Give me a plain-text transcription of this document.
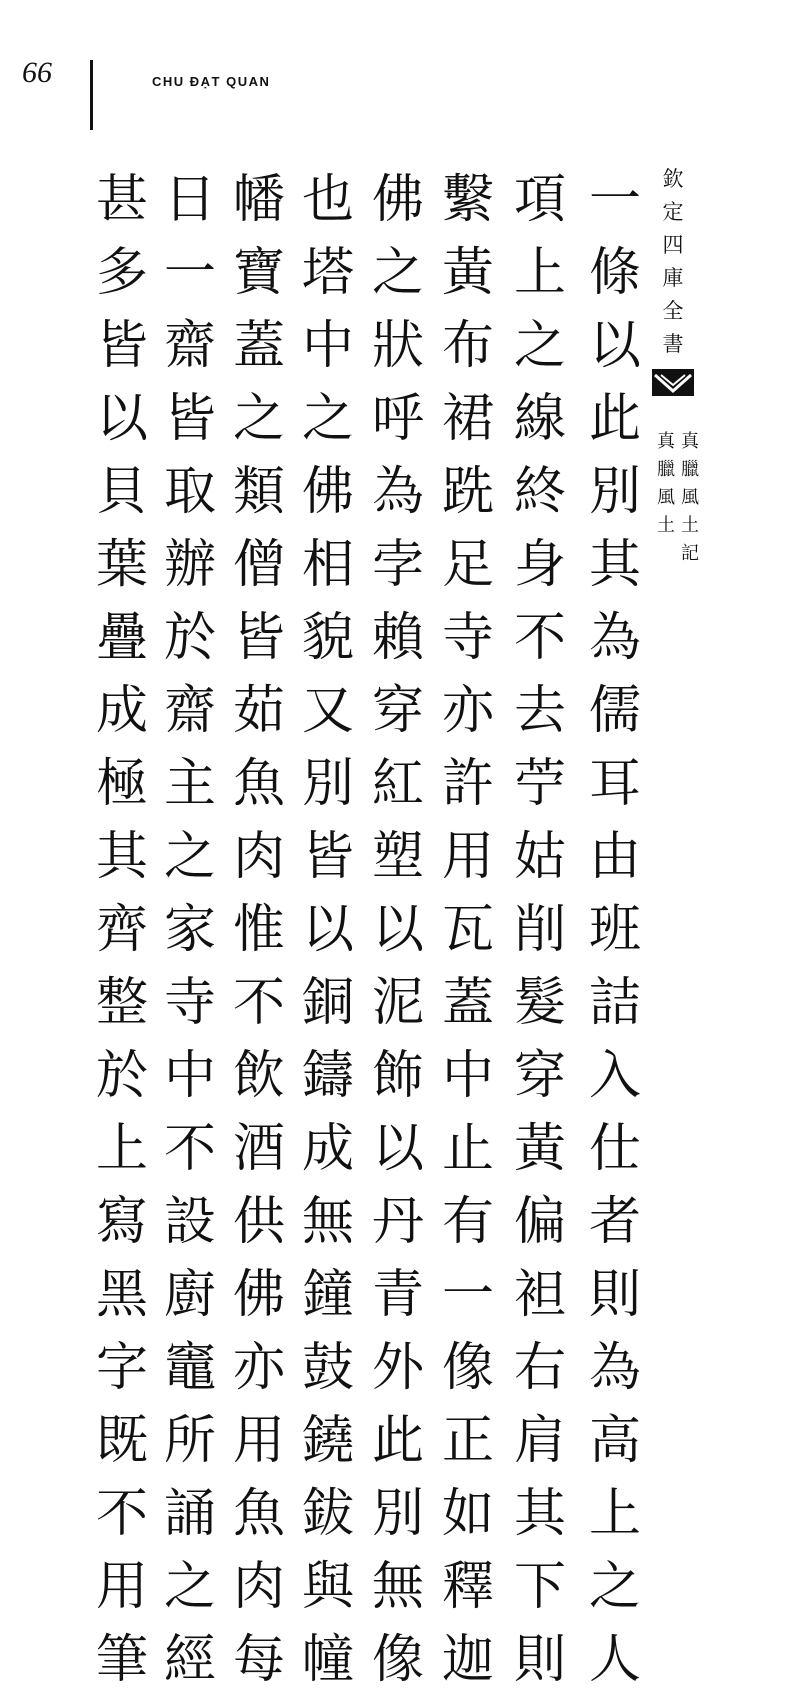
66	CHU ĐẠT QUAN
欽
定
四
庫
全
書
真
臘
風
土
記
真
臘
風
土
一
條
以
此
別
其
為
儒
耳
由
班
詰
入
仕
者
則
為
高
上
之
人
項
上
之
線
終
身
不
去
苧
姑
削
髮
穿
黃
偏
袒
右
肩
其
下
則
繫
黃
布
裙
跣
足
寺
亦
許
用
瓦
蓋
中
止
有
一
像
正
如
釋
迦
佛
之
狀
呼
為
孛
賴
穿
紅
塑
以
泥
飾
以
丹
青
外
此
別
無
像
也
塔
中
之
佛
相
貌
又
別
皆
以
銅
鑄
成
無
鐘
鼓
鐃
鈸
與
幢
幡
寶
蓋
之
類
僧
皆
茹
魚
肉
惟
不
飲
酒
供
佛
亦
用
魚
肉
每
日
一
齋
皆
取
辦
於
齋
主
之
家
寺
中
不
設
廚
竈
所
誦
之
經
甚
多
皆
以
貝
葉
疊
成
極
其
齊
整
於
上
寫
黑
字
既
不
用
筆
